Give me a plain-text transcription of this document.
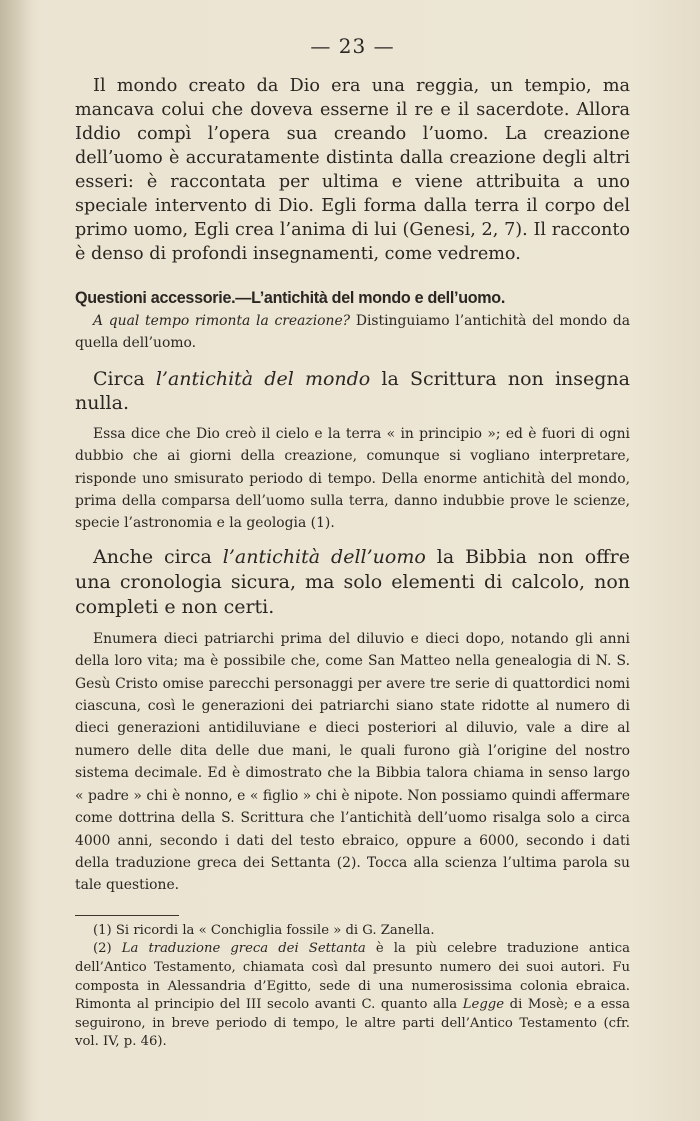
— 23 —

Il mondo creato da Dio era una reggia, un tempio, ma mancava colui che doveva esserne il re e il sacerdote. Allora Iddio compì l’opera sua creando l’uomo. La creazione dell’uomo è accuratamente distinta dalla creazione degli altri esseri: è raccontata per ultima e viene attribuita a uno speciale intervento di Dio. Egli forma dalla terra il corpo del primo uomo, Egli crea l’anima di lui (Genesi, 2, 7). Il racconto è denso di profondi insegnamenti, come vedremo.

Questioni accessorie.—L’antichità del mondo e dell’uomo.

A qual tempo rimonta la creazione? Distinguiamo l’antichità del mondo da quella dell’uomo.

Circa l’antichità del mondo la Scrittura non insegna nulla.

Essa dice che Dio creò il cielo e la terra « in principio »; ed è fuori di ogni dubbio che ai giorni della creazione, comunque si vogliano interpretare, risponde uno smisurato periodo di tempo. Della enorme antichità del mondo, prima della comparsa dell’uomo sulla terra, danno indubbie prove le scienze, specie l’astronomia e la geologia (1).

Anche circa l’antichità dell’uomo la Bibbia non offre una cronologia sicura, ma solo elementi di calcolo, non completi e non certi.

Enumera dieci patriarchi prima del diluvio e dieci dopo, notando gli anni della loro vita; ma è possibile che, come San Matteo nella genealogia di N. S. Gesù Cristo omise parecchi personaggi per avere tre serie di quattordici nomi ciascuna, così le generazioni dei patriarchi siano state ridotte al numero di dieci generazioni antidiluviane e dieci posteriori al diluvio, vale a dire al numero delle dita delle due mani, le quali furono già l’origine del nostro sistema decimale. Ed è dimostrato che la Bibbia talora chiama in senso largo « padre » chi è nonno, e « figlio » chi è nipote. Non possiamo quindi affermare come dottrina della S. Scrittura che l’antichità dell’uomo risalga solo a circa 4000 anni, secondo i dati del testo ebraico, oppure a 6000, secondo i dati della traduzione greca dei Settanta (2). Tocca alla scienza l’ultima parola su tale questione.

(1) Si ricordi la « Conchiglia fossile » di G. Zanella.

(2) La traduzione greca dei Settanta è la più celebre traduzione antica dell’Antico Testamento, chiamata così dal presunto numero dei suoi autori. Fu composta in Alessandria d’Egitto, sede di una numerosissima colonia ebraica. Rimonta al principio del III secolo avanti C. quanto alla Legge di Mosè; e a essa seguirono, in breve periodo di tempo, le altre parti dell’Antico Testamento (cfr. vol. IV, p. 46).
